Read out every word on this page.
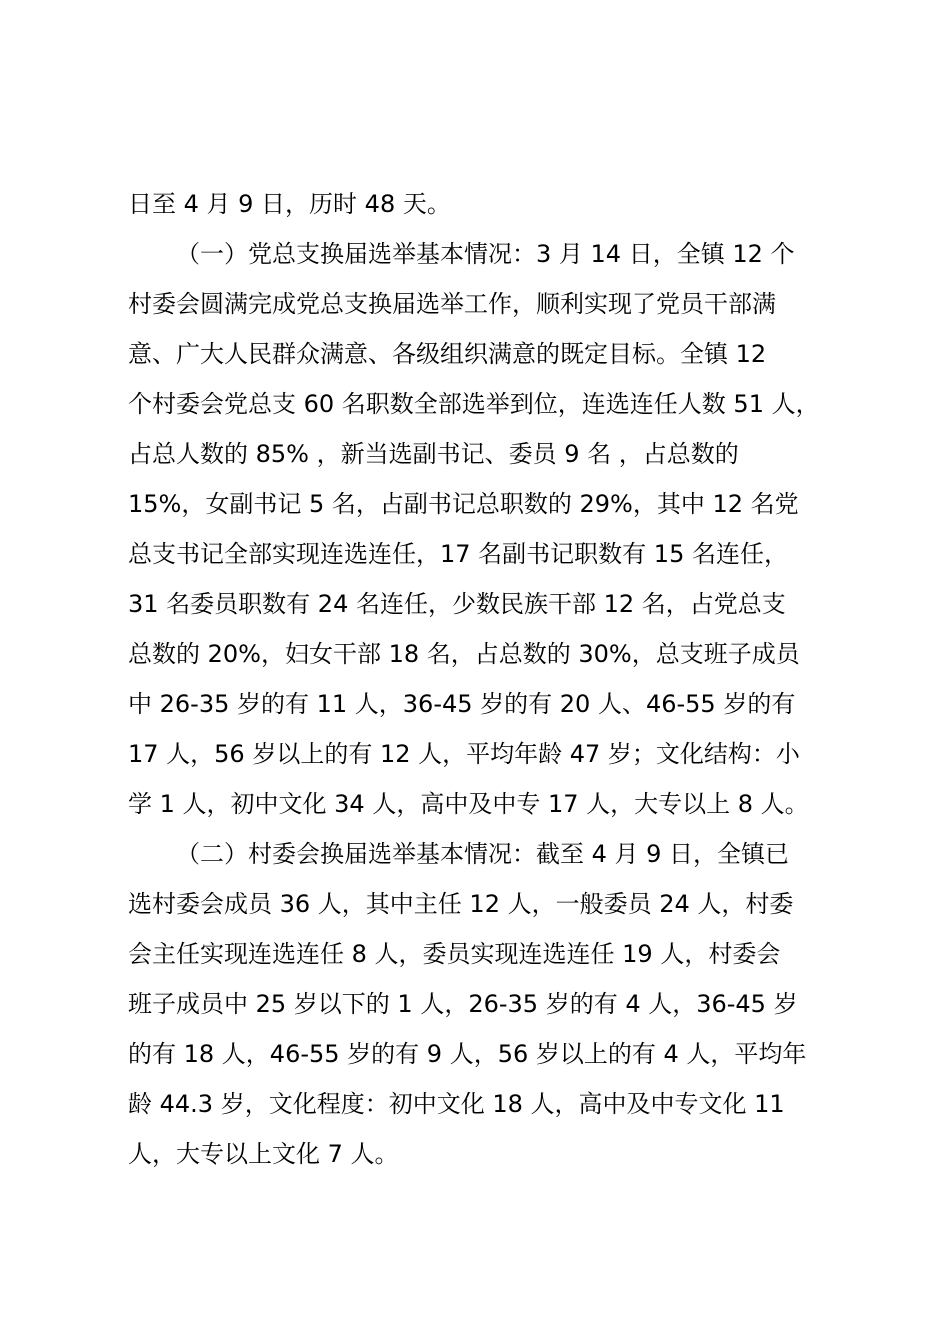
日至 4 月 9 日，历时 48 天。
（一）党总支换届选举基本情况：3 月 14 日，全镇 12 个
村委会圆满完成党总支换届选举工作，顺利实现了党员干部满
意、广大人民群众满意、各级组织满意的既定目标。全镇 12
个村委会党总支 60 名职数全部选举到位，连选连任人数 51 人，
占总人数的 85% ，新当选副书记、委员 9 名 ，占总数的
15%，女副书记 5 名，占副书记总职数的 29%，其中 12 名党
总支书记全部实现连选连任，17 名副书记职数有 15 名连任，
31 名委员职数有 24 名连任，少数民族干部 12 名，占党总支
总数的 20%，妇女干部 18 名，占总数的 30%，总支班子成员
中 26-35 岁的有 11 人，36-45 岁的有 20 人、46-55 岁的有
17 人，56 岁以上的有 12 人，平均年龄 47 岁；文化结构：小
学 1 人，初中文化 34 人，高中及中专 17 人，大专以上 8 人。
（二）村委会换届选举基本情况：截至 4 月 9 日，全镇已
选村委会成员 36 人，其中主任 12 人，一般委员 24 人，村委
会主任实现连选连任 8 人，委员实现连选连任 19 人，村委会
班子成员中 25 岁以下的 1 人，26-35 岁的有 4 人，36-45 岁
的有 18 人，46-55 岁的有 9 人，56 岁以上的有 4 人，平均年
龄 44.3 岁，文化程度：初中文化 18 人，高中及中专文化 11
人，大专以上文化 7 人。
